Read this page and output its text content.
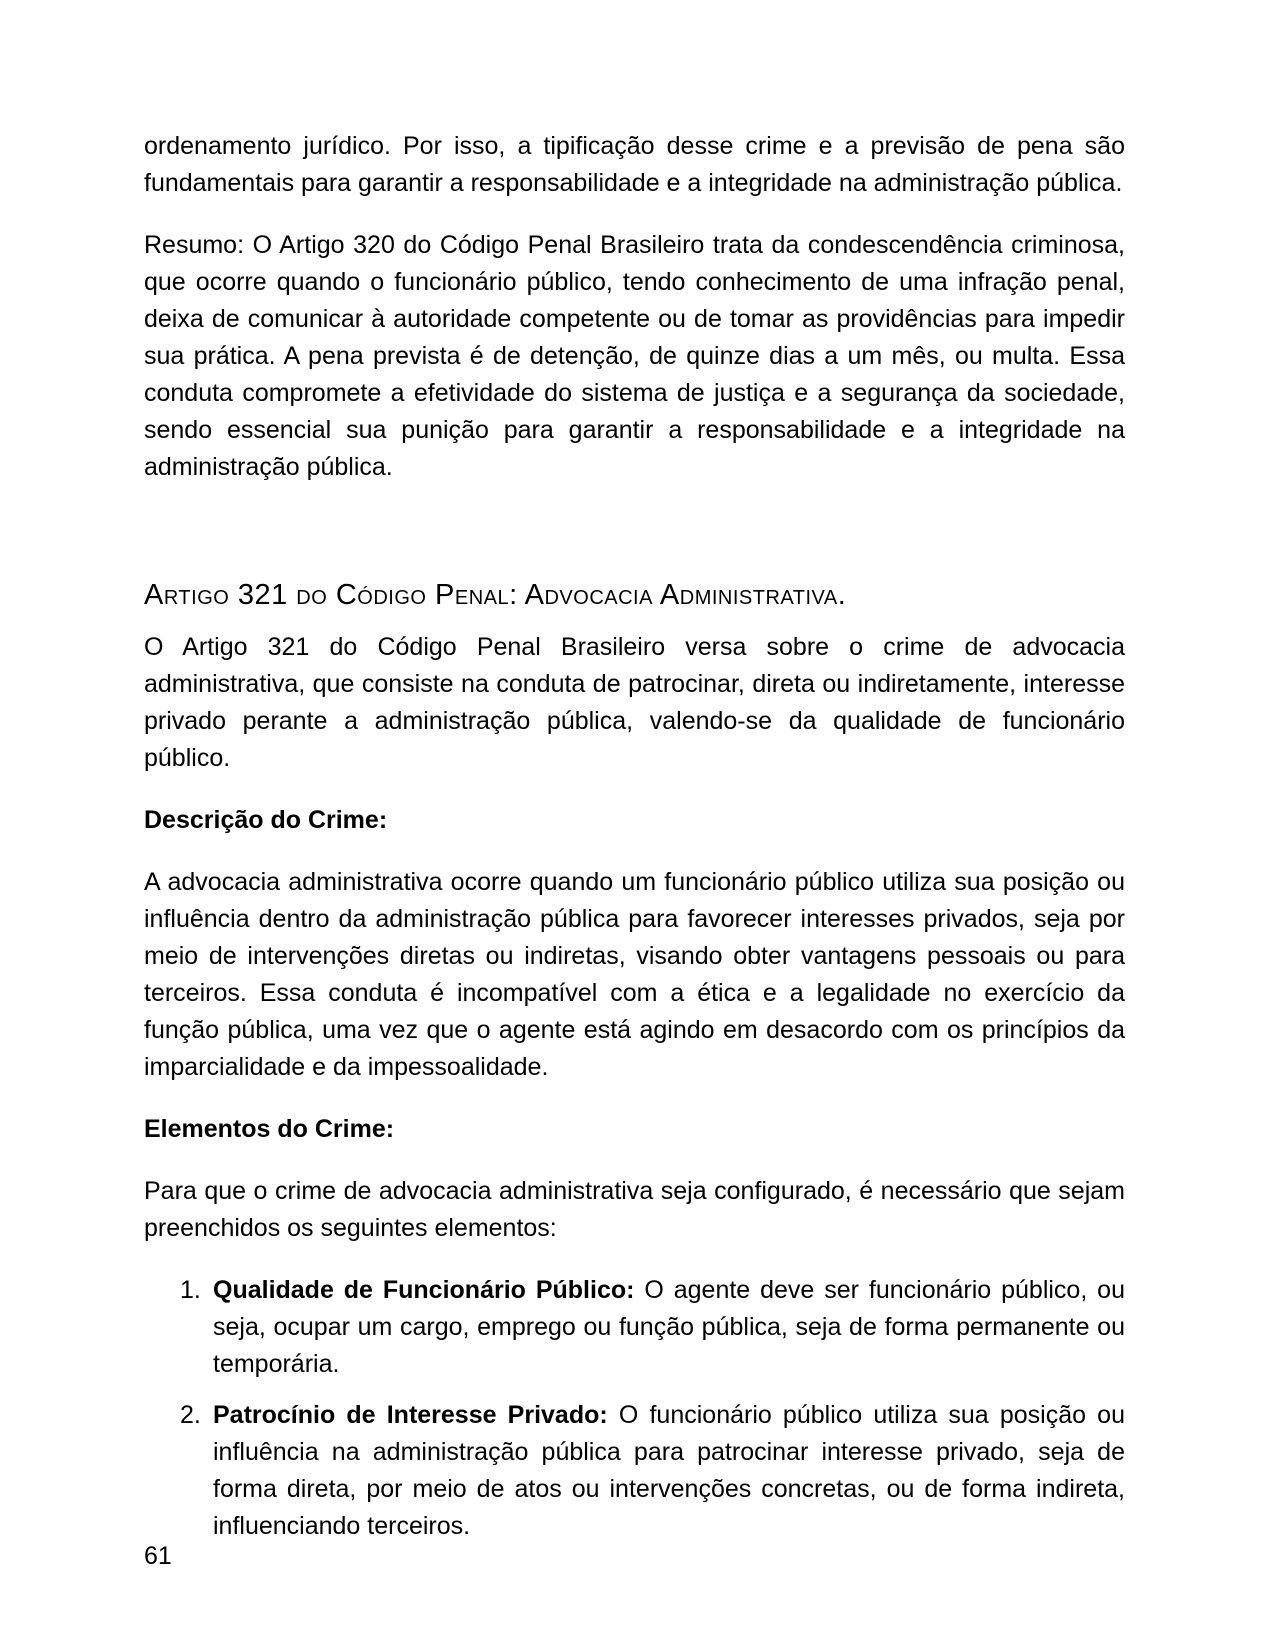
ordenamento jurídico. Por isso, a tipificação desse crime e a previsão de pena são fundamentais para garantir a responsabilidade e a integridade na administração pública.

Resumo: O Artigo 320 do Código Penal Brasileiro trata da condescendência criminosa, que ocorre quando o funcionário público, tendo conhecimento de uma infração penal, deixa de comunicar à autoridade competente ou de tomar as providências para impedir sua prática. A pena prevista é de detenção, de quinze dias a um mês, ou multa. Essa conduta compromete a efetividade do sistema de justiça e a segurança da sociedade, sendo essencial sua punição para garantir a responsabilidade e a integridade na administração pública.

Artigo 321 do Código Penal: Advocacia Administrativa.

O Artigo 321 do Código Penal Brasileiro versa sobre o crime de advocacia administrativa, que consiste na conduta de patrocinar, direta ou indiretamente, interesse privado perante a administração pública, valendo-se da qualidade de funcionário público.

Descrição do Crime:

A advocacia administrativa ocorre quando um funcionário público utiliza sua posição ou influência dentro da administração pública para favorecer interesses privados, seja por meio de intervenções diretas ou indiretas, visando obter vantagens pessoais ou para terceiros. Essa conduta é incompatível com a ética e a legalidade no exercício da função pública, uma vez que o agente está agindo em desacordo com os princípios da imparcialidade e da impessoalidade.

Elementos do Crime:

Para que o crime de advocacia administrativa seja configurado, é necessário que sejam preenchidos os seguintes elementos:

1. Qualidade de Funcionário Público: O agente deve ser funcionário público, ou seja, ocupar um cargo, emprego ou função pública, seja de forma permanente ou temporária.
2. Patrocínio de Interesse Privado: O funcionário público utiliza sua posição ou influência na administração pública para patrocinar interesse privado, seja de forma direta, por meio de atos ou intervenções concretas, ou de forma indireta, influenciando terceiros.
61
